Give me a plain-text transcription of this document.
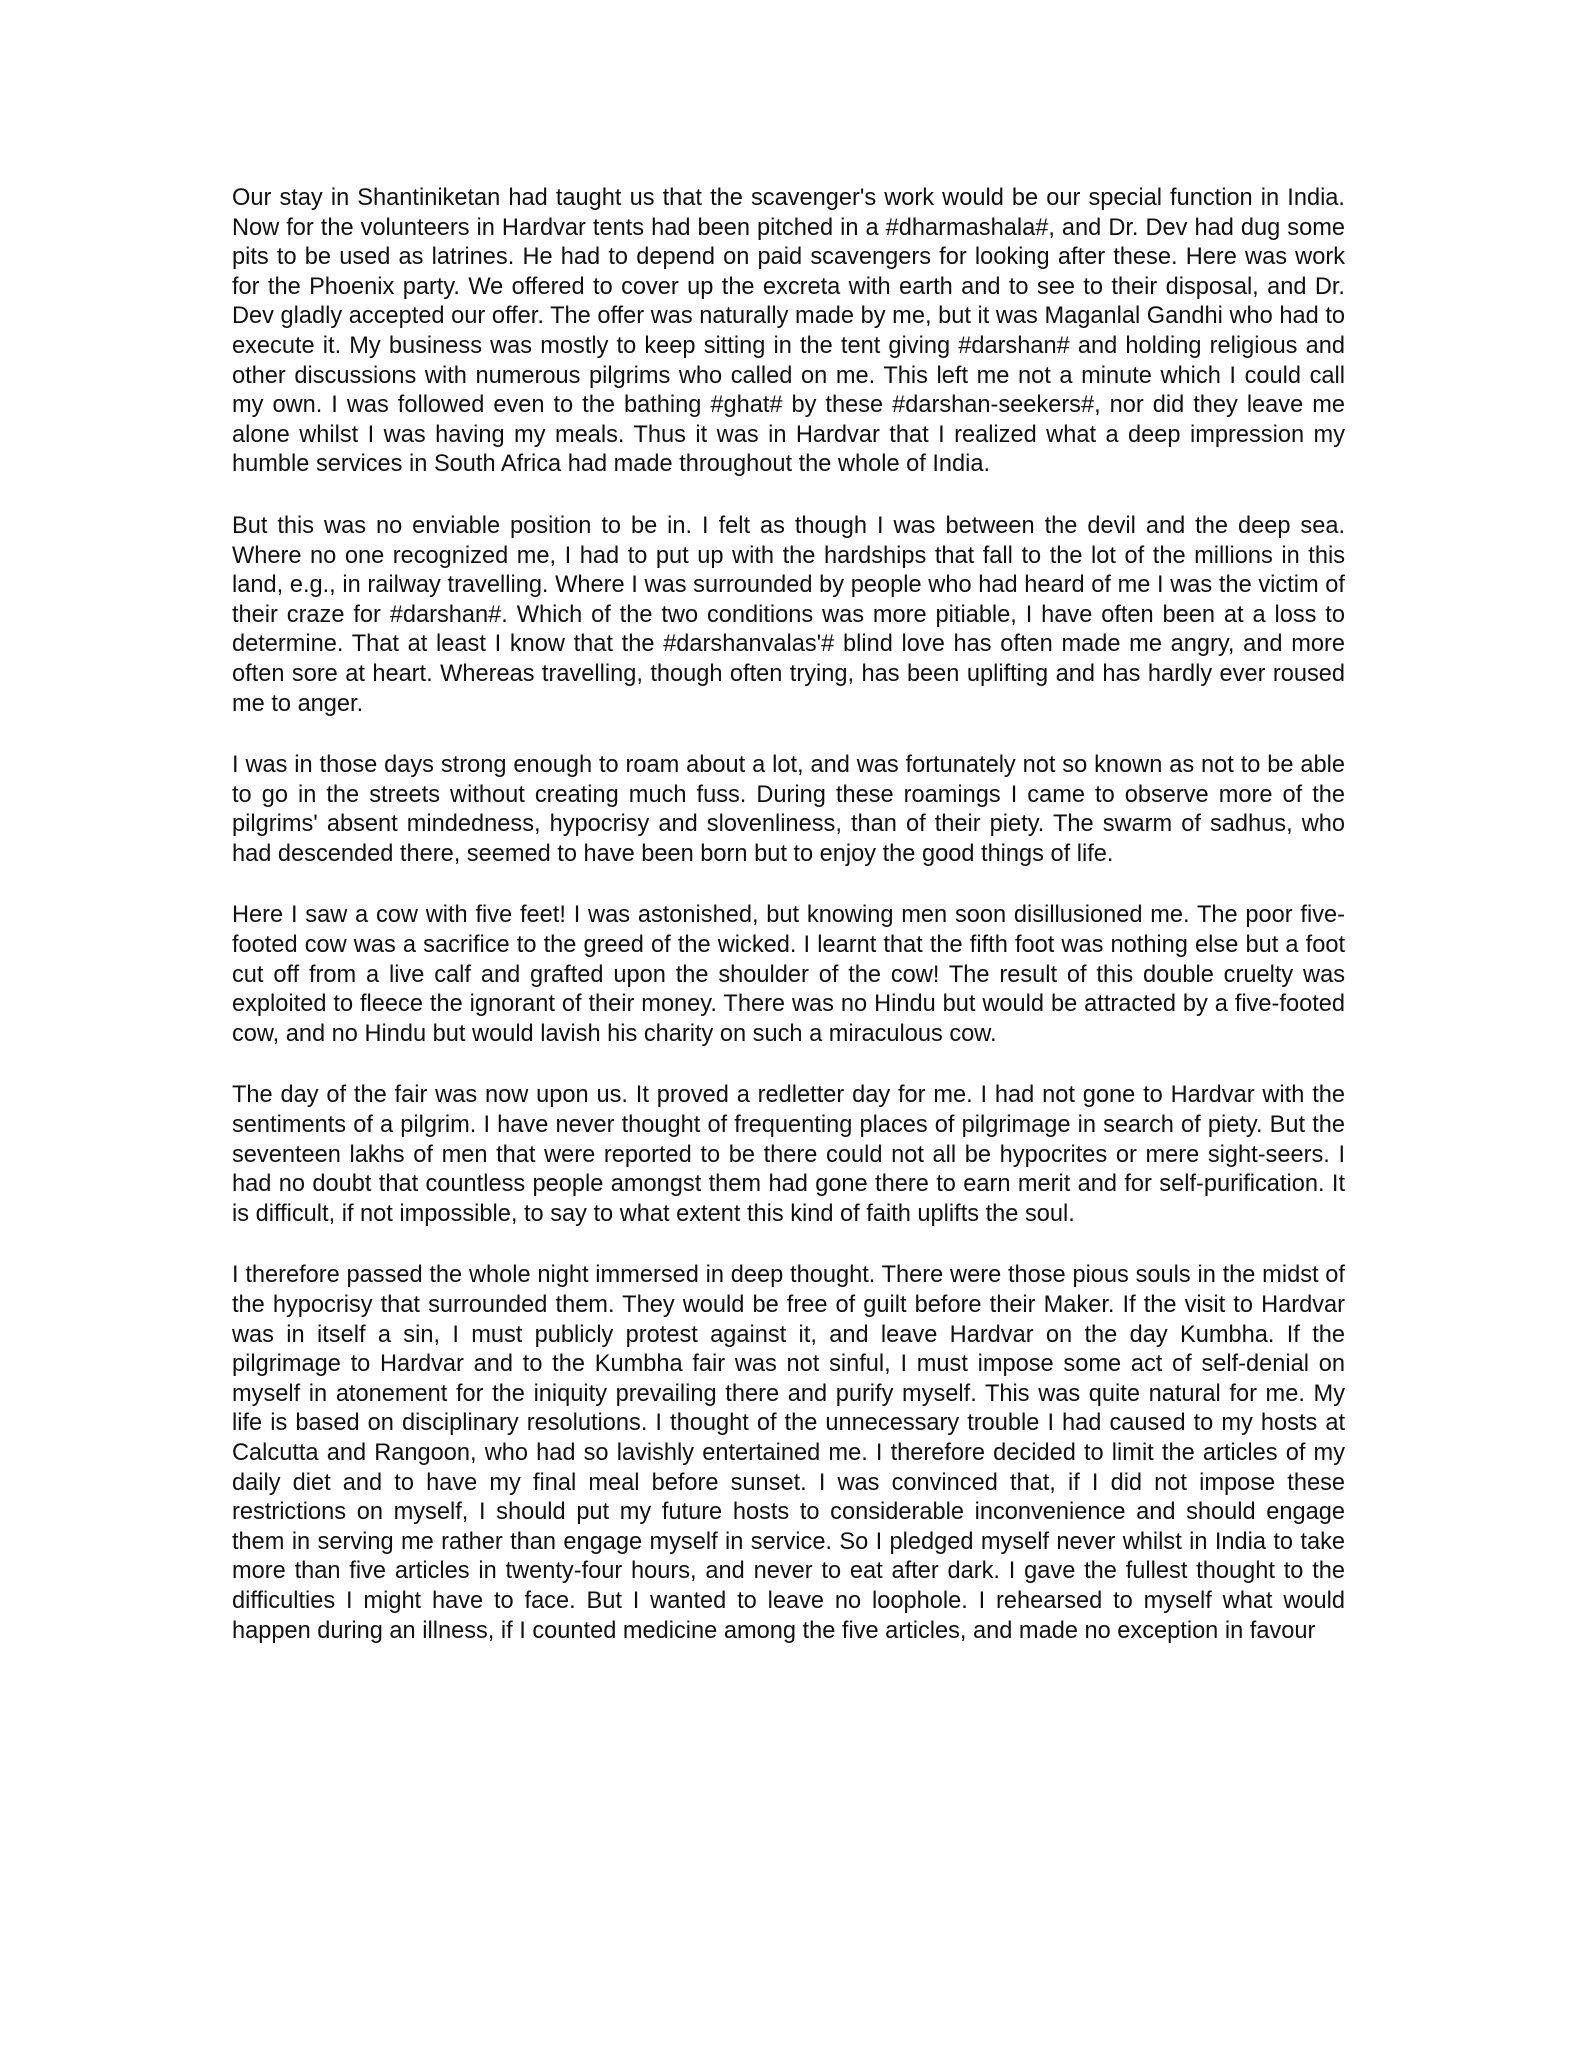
Our stay in Shantiniketan had taught us that the scavenger's work would be our special function in India. Now for the volunteers in Hardvar tents had been pitched in a #dharmashala#, and Dr. Dev had dug some pits to be used as latrines. He had to depend on paid scavengers for looking after these. Here was work for the Phoenix party. We offered to cover up the excreta with earth and to see to their disposal, and Dr. Dev gladly accepted our offer. The offer was naturally made by me, but it was Maganlal Gandhi who had to execute it. My business was mostly to keep sitting in the tent giving #darshan# and holding religious and other discussions with numerous pilgrims who called on me. This left me not a minute which I could call my own. I was followed even to the bathing #ghat# by these #darshan-seekers#, nor did they leave me alone whilst I was having my meals. Thus it was in Hardvar that I realized what a deep impression my humble services in South Africa had made throughout the whole of India.

But this was no enviable position to be in. I felt as though I was between the devil and the deep sea. Where no one recognized me, I had to put up with the hardships that fall to the lot of the millions in this land, e.g., in railway travelling. Where I was surrounded by people who had heard of me I was the victim of their craze for #darshan#. Which of the two conditions was more pitiable, I have often been at a loss to determine. That at least I know that the #darshanvalas'# blind love has often made me angry, and more often sore at heart. Whereas travelling, though often trying, has been uplifting and has hardly ever roused me to anger.

I was in those days strong enough to roam about a lot, and was fortunately not so known as not to be able to go in the streets without creating much fuss. During these roamings I came to observe more of the pilgrims' absent mindedness, hypocrisy and slovenliness, than of their piety. The swarm of sadhus, who had descended there, seemed to have been born but to enjoy the good things of life.

Here I saw a cow with five feet! I was astonished, but knowing men soon disillusioned me. The poor five-footed cow was a sacrifice to the greed of the wicked. I learnt that the fifth foot was nothing else but a foot cut off from a live calf and grafted upon the shoulder of the cow! The result of this double cruelty was exploited to fleece the ignorant of their money. There was no Hindu but would be attracted by a five-footed cow, and no Hindu but would lavish his charity on such a miraculous cow.

The day of the fair was now upon us. It proved a redletter day for me. I had not gone to Hardvar with the sentiments of a pilgrim. I have never thought of frequenting places of pilgrimage in search of piety. But the seventeen lakhs of men that were reported to be there could not all be hypocrites or mere sight-seers. I had no doubt that countless people amongst them had gone there to earn merit and for self-purification. It is difficult, if not impossible, to say to what extent this kind of faith uplifts the soul.

I therefore passed the whole night immersed in deep thought. There were those pious souls in the midst of the hypocrisy that surrounded them. They would be free of guilt before their Maker. If the visit to Hardvar was in itself a sin, I must publicly protest against it, and leave Hardvar on the day Kumbha. If the pilgrimage to Hardvar and to the Kumbha fair was not sinful, I must impose some act of self-denial on myself in atonement for the iniquity prevailing there and purify myself. This was quite natural for me. My life is based on disciplinary resolutions. I thought of the unnecessary trouble I had caused to my hosts at Calcutta and Rangoon, who had so lavishly entertained me. I therefore decided to limit the articles of my daily diet and to have my final meal before sunset. I was convinced that, if I did not impose these restrictions on myself, I should put my future hosts to considerable inconvenience and should engage them in serving me rather than engage myself in service. So I pledged myself never whilst in India to take more than five articles in twenty-four hours, and never to eat after dark. I gave the fullest thought to the difficulties I might have to face. But I wanted to leave no loophole. I rehearsed to myself what would happen during an illness, if I counted medicine among the five articles, and made no exception in favour
